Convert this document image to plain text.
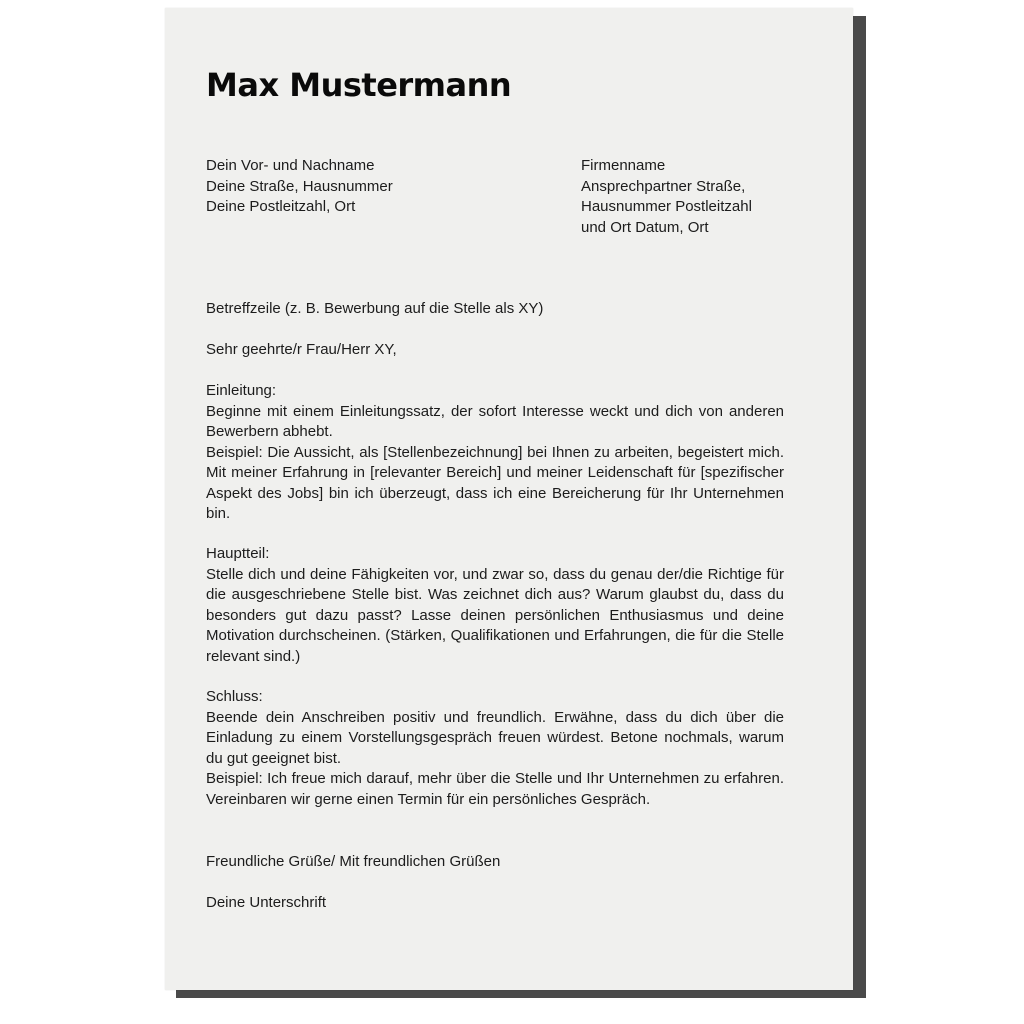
Max Mustermann
Dein Vor- und Nachname
Deine Straße, Hausnummer
Deine Postleitzahl, Ort
Firmenname
Ansprechpartner Straße,
Hausnummer Postleitzahl
und Ort Datum, Ort
Betreffzeile (z. B. Bewerbung auf die Stelle als XY)
Sehr geehrte/r Frau/Herr XY,
Einleitung:
Beginne mit einem Einleitungssatz, der sofort Interesse weckt und dich von anderen Bewerbern abhebt.
Beispiel: Die Aussicht, als [Stellenbezeichnung] bei Ihnen zu arbeiten, begeistert mich. Mit meiner Erfahrung in [relevanter Bereich] und meiner Leidenschaft für [spezifischer Aspekt des Jobs] bin ich überzeugt, dass ich eine Bereicherung für Ihr Unternehmen bin.
Hauptteil:
Stelle dich und deine Fähigkeiten vor, und zwar so, dass du genau der/die Richtige für die ausgeschriebene Stelle bist. Was zeichnet dich aus? Warum glaubst du, dass du besonders gut dazu passt? Lasse deinen persönlichen Enthusiasmus und deine Motivation durchscheinen. (Stärken, Qualifikationen und Erfahrungen, die für die Stelle relevant sind.)
Schluss:
Beende dein Anschreiben positiv und freundlich. Erwähne, dass du dich über die Einladung zu einem Vorstellungsgespräch freuen würdest. Betone nochmals, warum du gut geeignet bist.
Beispiel: Ich freue mich darauf, mehr über die Stelle und Ihr Unternehmen zu erfahren. Vereinbaren wir gerne einen Termin für ein persönliches Gespräch.
Freundliche Grüße/ Mit freundlichen Grüßen
Deine Unterschrift
